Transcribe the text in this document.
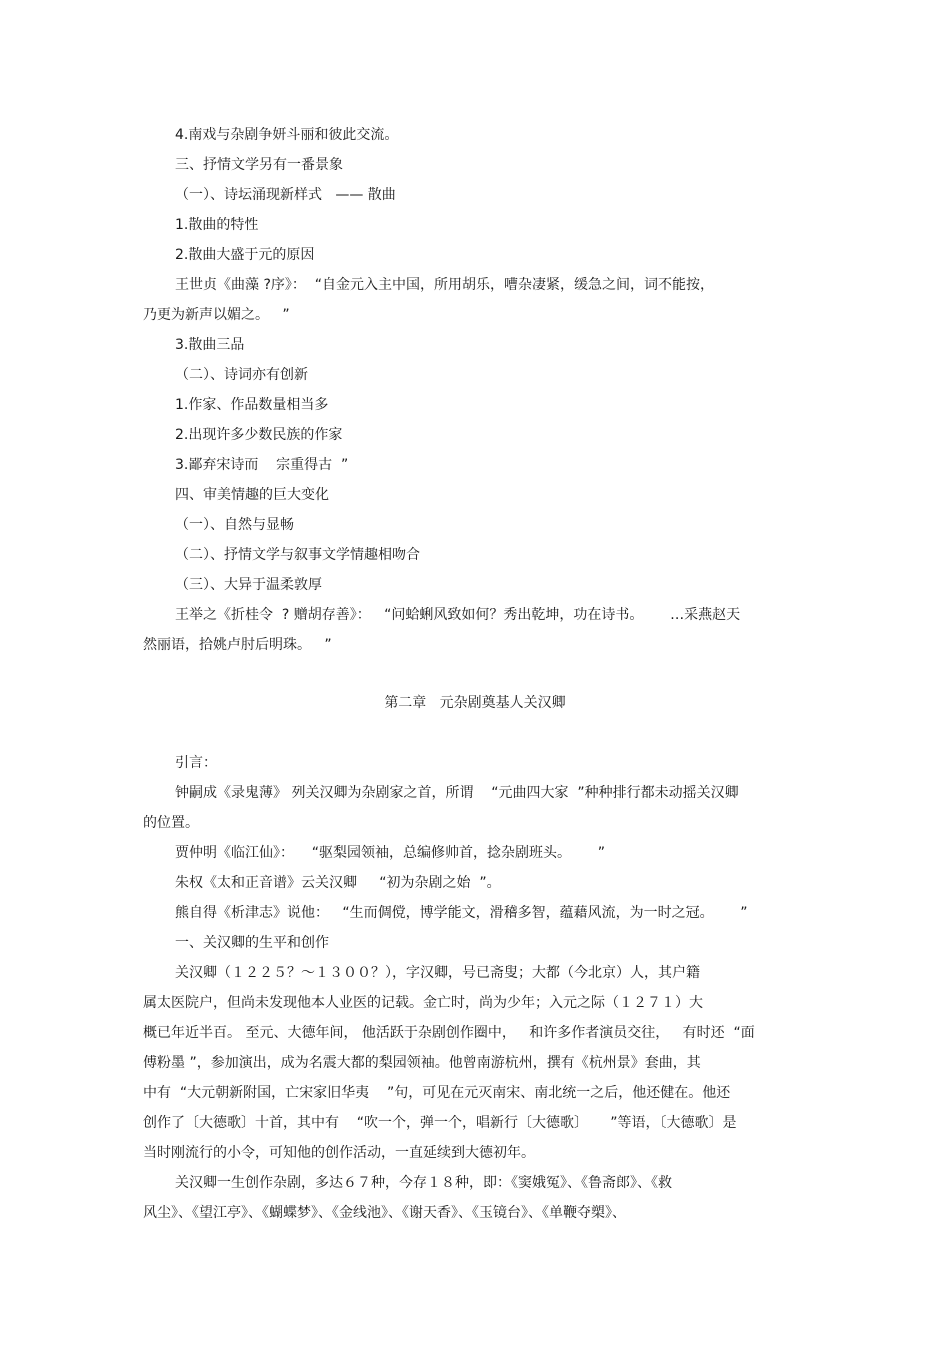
4.南戏与杂剧争妍斗丽和彼此交流。
三、抒情文学另有一番景象
（一）、诗坛涌现新样式   —— 散曲
1.散曲的特性
2.散曲大盛于元的原因
王世贞《曲藻 ?序》：  “自金元入主中国，所用胡乐，嘈杂凄紧，缓急之间，词不能按，
乃更为新声以媚之。   ”
3.散曲三品
（二）、诗词亦有创新
1.作家、作品数量相当多
2.出现许多少数民族的作家
3.鄙弃宋诗而    宗重得古  ”
四、审美情趣的巨大变化
（一）、自然与显畅
（二）、抒情文学与叙事文学情趣相吻合
（三）、大异于温柔敦厚
王举之《折桂令  ? 赠胡存善》：   “问蛤蜊风致如何？秀出乾坤，功在诗书。      …采燕赵天
然丽语，拾姚卢肘后明珠。   ”
第二章   元杂剧奠基人关汉卿
引言：
钟嗣成《录鬼薄》 列关汉卿为杂剧家之首，所谓    “元曲四大家  ”种种排行都未动摇关汉卿
的位置。
贾仲明《临江仙》：    “驱梨园领袖，总编修帅首，捻杂剧班头。      ”
朱权《太和正音谱》云关汉卿     “初为杂剧之始  ”。
熊自得《析津志》说他：   “生而倜傥，博学能文，滑稽多智，蕴藉风流，为一时之冠。      ”
一、关汉卿的生平和创作
关汉卿（１２２５？～１３００？），字汉卿，号已斋叟；大都（今北京）人，其户籍
属太医院户，但尚未发现他本人业医的记载。金亡时，尚为少年；入元之际（１２７１）大
概已年近半百。 至元、大德年间， 他活跃于杂剧创作圈中，   和许多作者演员交往，   有时还  “面
傅粉墨 ”，参加演出，成为名震大都的梨园领袖。他曾南游杭州，撰有《杭州景》套曲，其
中有  “大元朝新附国，亡宋家旧华夷    ”句，可见在元灭南宋、南北统一之后，他还健在。他还
创作了〔大德歌〕十首，其中有    “吹一个，弹一个，唱新行〔大德歌〕     ”等语，〔大德歌〕是
当时刚流行的小令，可知他的创作活动，一直延续到大德初年。
关汉卿一生创作杂剧，多达６７种，今存１８种，即：《窦娥冤》、《鲁斋郎》、《救
风尘》、《望江亭》、《蝴蝶梦》、《金线池》、《谢天香》、《玉镜台》、《单鞭夺槊》、
